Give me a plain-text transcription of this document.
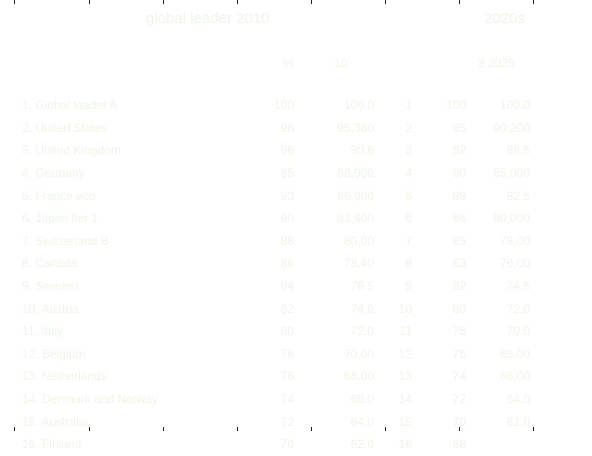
global leader 2010	2020s
%	10	3 2025
1. Global leader A	100	100.0	1	100	100.0
2. United States	98	95,380	2	95	90,200
3. United Kingdom	96	90.6	3	92	88.5
4. Germany	95	88,900	4	90	85,000
5. France eco	93	86,000	5	89	82.5
6. Japan tier 1	90	83,400	6	86	80,000
7. Switzerland B	88	80,00	7	85	78,00
8. Canada	86	78,40	8	83	76,00
9. Sweden	84	76.5	9	82	74.5
10. Austria	82	74,0	10	80	72,0
11. Italy	80	72.0	11	78	70.0
12. Belgium	78	70,00	12	76	68,00
13. Netherlands	76	68,00	13	74	66,00
14. Denmark and Norway	74	66.0	14	72	64.0
15. Australia	72	64.0	15	70	62.0
16. Finland	70	62.0	16	68	
